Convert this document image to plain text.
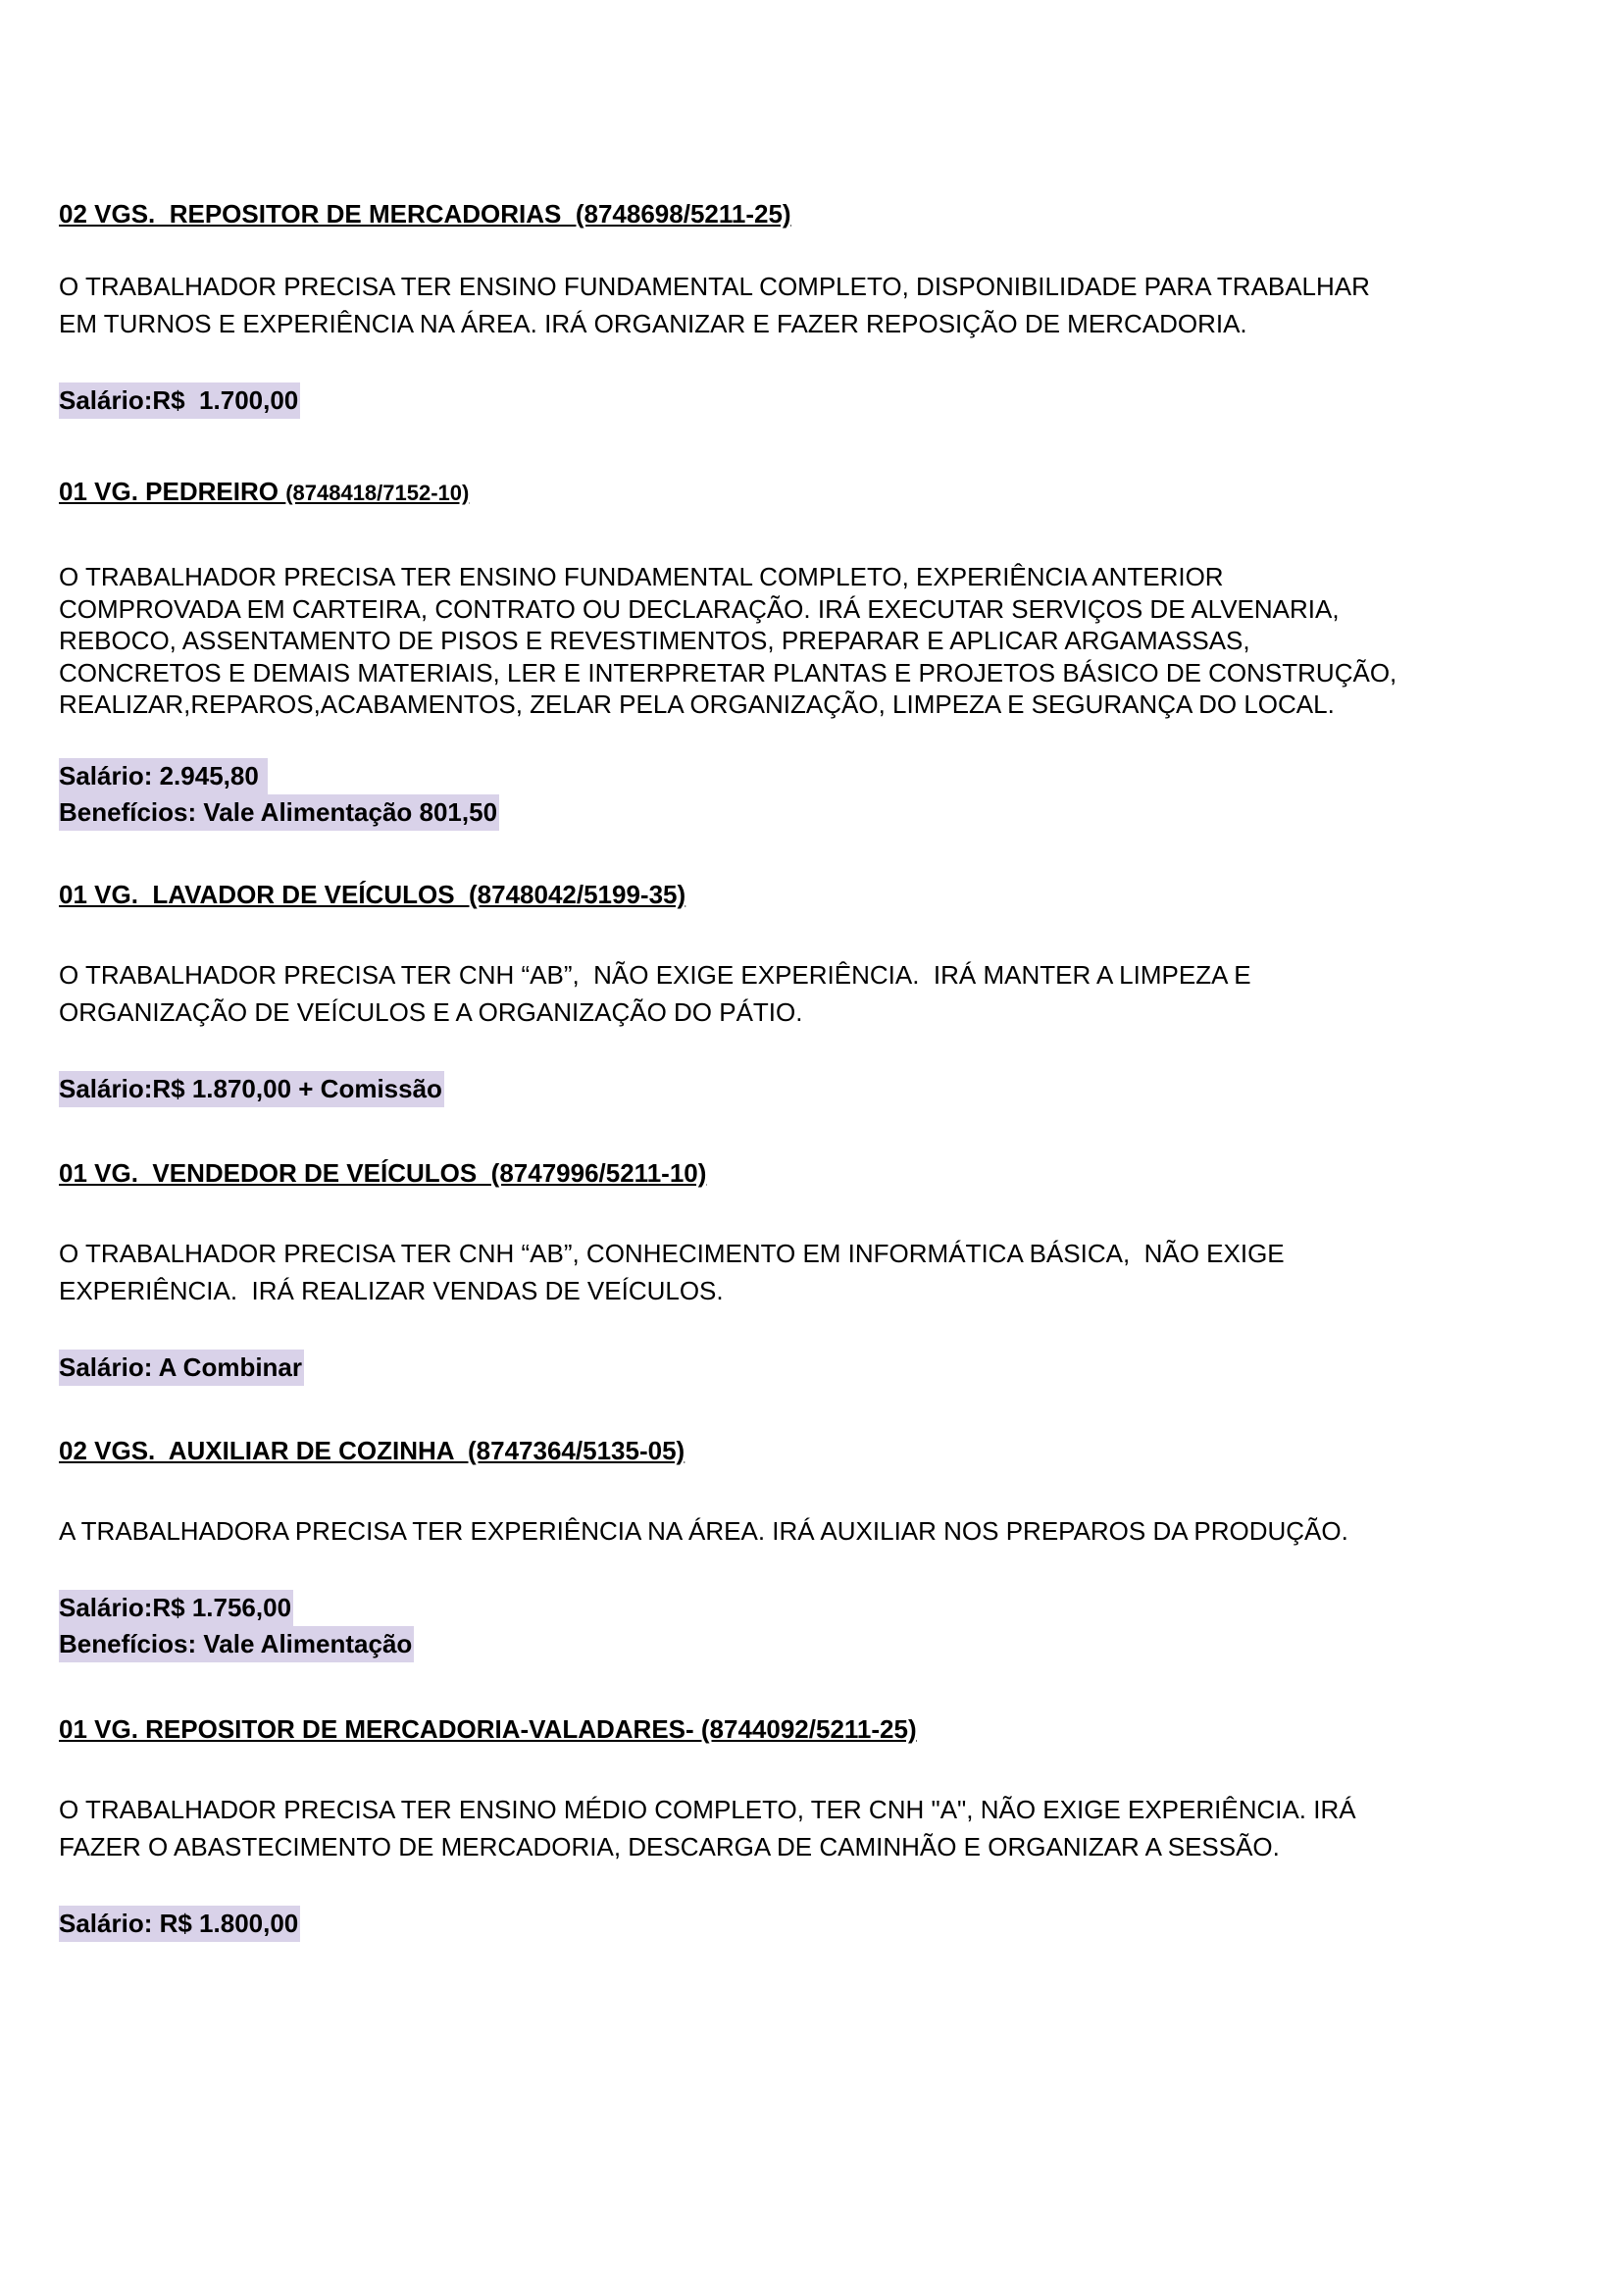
02 VGS.  REPOSITOR DE MERCADORIAS  (8748698/5211-25)

O TRABALHADOR PRECISA TER ENSINO FUNDAMENTAL COMPLETO, DISPONIBILIDADE PARA TRABALHAR
EM TURNOS E EXPERIÊNCIA NA ÁREA. IRÁ ORGANIZAR E FAZER REPOSIÇÃO DE MERCADORIA.
Salário:R$  1.700,00

01 VG. PEDREIRO (8748418/7152-10)

O TRABALHADOR PRECISA TER ENSINO FUNDAMENTAL COMPLETO, EXPERIÊNCIA ANTERIOR
COMPROVADA EM CARTEIRA, CONTRATO OU DECLARAÇÃO. IRÁ EXECUTAR SERVIÇOS DE ALVENARIA,
REBOCO, ASSENTAMENTO DE PISOS E REVESTIMENTOS, PREPARAR E APLICAR ARGAMASSAS,
CONCRETOS E DEMAIS MATERIAIS, LER E INTERPRETAR PLANTAS E PROJETOS BÁSICO DE CONSTRUÇÃO,
REALIZAR,REPAROS,ACABAMENTOS, ZELAR PELA ORGANIZAÇÃO, LIMPEZA E SEGURANÇA DO LOCAL.
Salário: 2.945,80
Benefícios: Vale Alimentação 801,50

01 VG.  LAVADOR DE VEÍCULOS  (8748042/5199-35)

O TRABALHADOR PRECISA TER CNH “AB”,  NÃO EXIGE EXPERIÊNCIA.  IRÁ MANTER A LIMPEZA E
ORGANIZAÇÃO DE VEÍCULOS E A ORGANIZAÇÃO DO PÁTIO.
Salário:R$ 1.870,00 + Comissão

01 VG.  VENDEDOR DE VEÍCULOS  (8747996/5211-10)

O TRABALHADOR PRECISA TER CNH “AB”, CONHECIMENTO EM INFORMÁTICA BÁSICA,  NÃO EXIGE
EXPERIÊNCIA.  IRÁ REALIZAR VENDAS DE VEÍCULOS.
Salário: A Combinar

02 VGS.  AUXILIAR DE COZINHA  (8747364/5135-05)

A TRABALHADORA PRECISA TER EXPERIÊNCIA NA ÁREA. IRÁ AUXILIAR NOS PREPAROS DA PRODUÇÃO.
Salário:R$ 1.756,00
Benefícios: Vale Alimentação

01 VG. REPOSITOR DE MERCADORIA-VALADARES- (8744092/5211-25)

O TRABALHADOR PRECISA TER ENSINO MÉDIO COMPLETO, TER CNH "A", NÃO EXIGE EXPERIÊNCIA. IRÁ
FAZER O ABASTECIMENTO DE MERCADORIA, DESCARGA DE CAMINHÃO E ORGANIZAR A SESSÃO.
Salário: R$ 1.800,00
